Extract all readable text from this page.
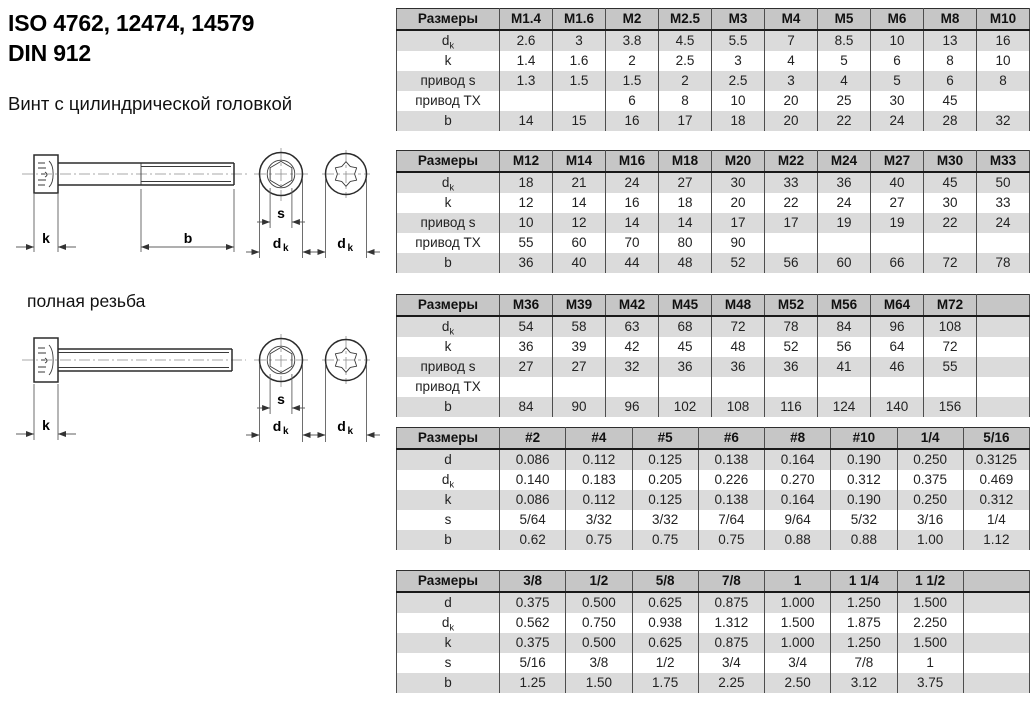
ISO 4762, 12474, 14579
DIN 912

Винт с цилиндрической головкой

k	b
s
d k	d k

полная резьба

k
s
d k	d k
Размеры	M1.4	M1.6	M2	M2.5	M3	M4	M5	M6	M8	M10
$d_k$	2.6	3	3.8	4.5	5.5	7	8.5	10	13	16
k	1.4	1.6	2	2.5	3	4	5	6	8	10
привод s	1.3	1.5	1.5	2	2.5	3	4	5	6	8
привод TX			6	8	10	20	25	30	45	
b	14	15	16	17	18	20	22	24	28	32
Размеры	M12	M14	M16	M18	M20	M22	M24	M27	M30	M33
$d_k$	18	21	24	27	30	33	36	40	45	50
k	12	14	16	18	20	22	24	27	30	33
привод s	10	12	14	14	17	17	19	19	22	24
привод TX	55	60	70	80	90					
b	36	40	44	48	52	56	60	66	72	78
Размеры	M36	M39	M42	M45	M48	M52	M56	M64	M72	
$d_k$	54	58	63	68	72	78	84	96	108	
k	36	39	42	45	48	52	56	64	72	
привод s	27	27	32	36	36	36	41	46	55	
привод TX										
b	84	90	96	102	108	116	124	140	156	
Размеры	#2	#4	#5	#6	#8	#10	1/4	5/16
d	0.086	0.112	0.125	0.138	0.164	0.190	0.250	0.3125
$d_k$	0.140	0.183	0.205	0.226	0.270	0.312	0.375	0.469
k	0.086	0.112	0.125	0.138	0.164	0.190	0.250	0.312
s	5/64	3/32	3/32	7/64	9/64	5/32	3/16	1/4
b	0.62	0.75	0.75	0.75	0.88	0.88	1.00	1.12
Размеры	3/8	1/2	5/8	7/8	1	1 1/4	1 1/2	
d	0.375	0.500	0.625	0.875	1.000	1.250	1.500	
$d_k$	0.562	0.750	0.938	1.312	1.500	1.875	2.250	
k	0.375	0.500	0.625	0.875	1.000	1.250	1.500	
s	5/16	3/8	1/2	3/4	3/4	7/8	1	
b	1.25	1.50	1.75	2.25	2.50	3.12	3.75	
